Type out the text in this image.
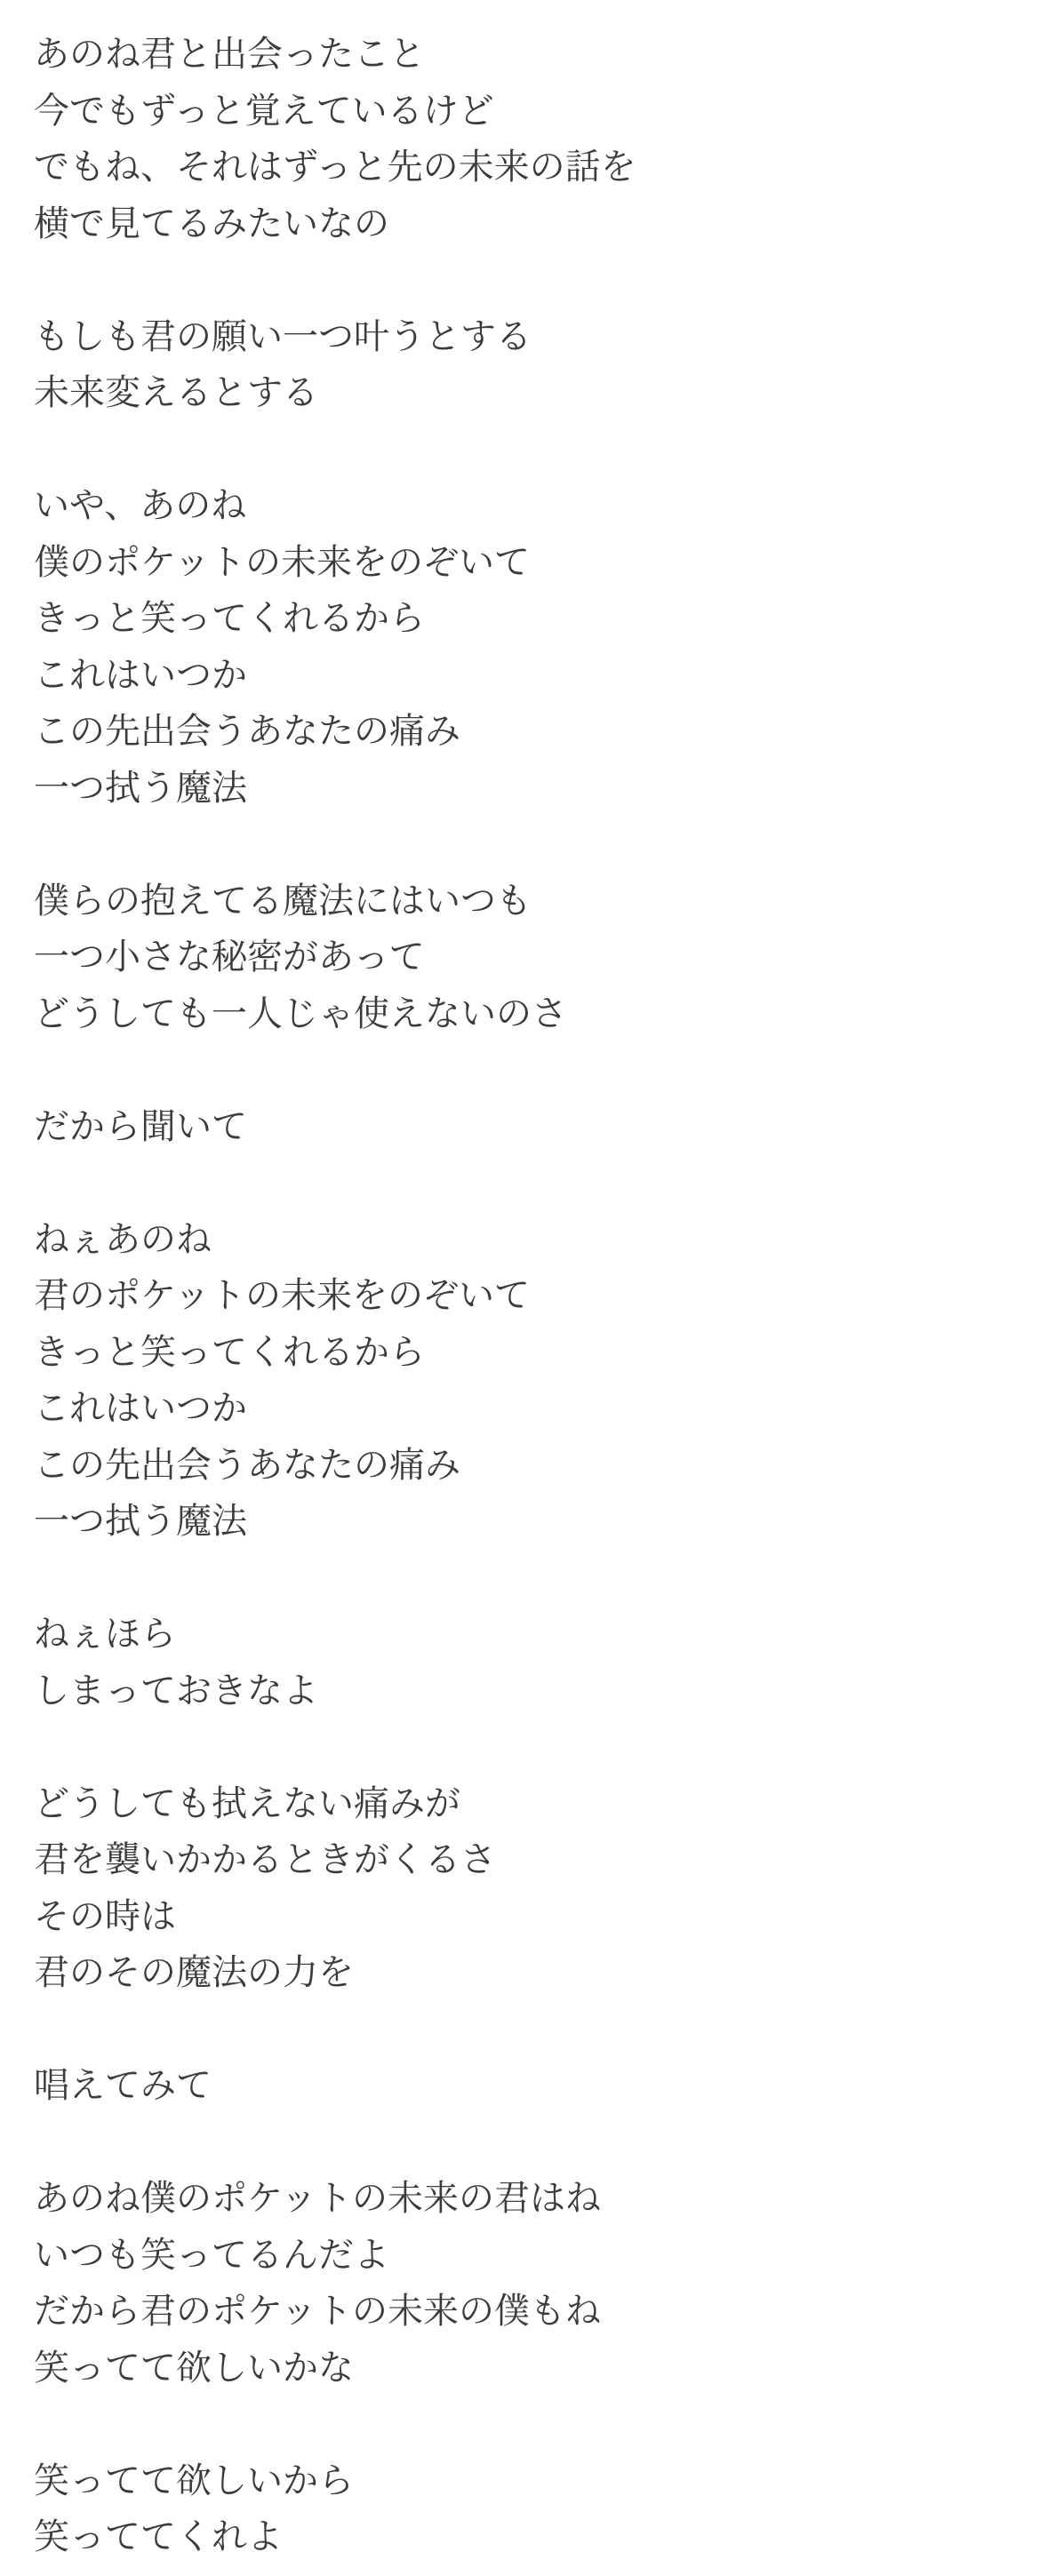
あのね君と出会ったこと
今でもずっと覚えているけど
でもね、それはずっと先の未来の話を
横で見てるみたいなの
もしも君の願い一つ叶うとする
未来変えるとする
いや、あのね
僕のポケットの未来をのぞいて
きっと笑ってくれるから
これはいつか
この先出会うあなたの痛み
一つ拭う魔法
僕らの抱えてる魔法にはいつも
一つ小さな秘密があって
どうしても一人じゃ使えないのさ
だから聞いて
ねぇあのね
君のポケットの未来をのぞいて
きっと笑ってくれるから
これはいつか
この先出会うあなたの痛み
一つ拭う魔法
ねぇほら
しまっておきなよ
どうしても拭えない痛みが
君を襲いかかるときがくるさ
その時は
君のその魔法の力を
唱えてみて
あのね僕のポケットの未来の君はね
いつも笑ってるんだよ
だから君のポケットの未来の僕もね
笑ってて欲しいかな
笑ってて欲しいから
笑っててくれよ
